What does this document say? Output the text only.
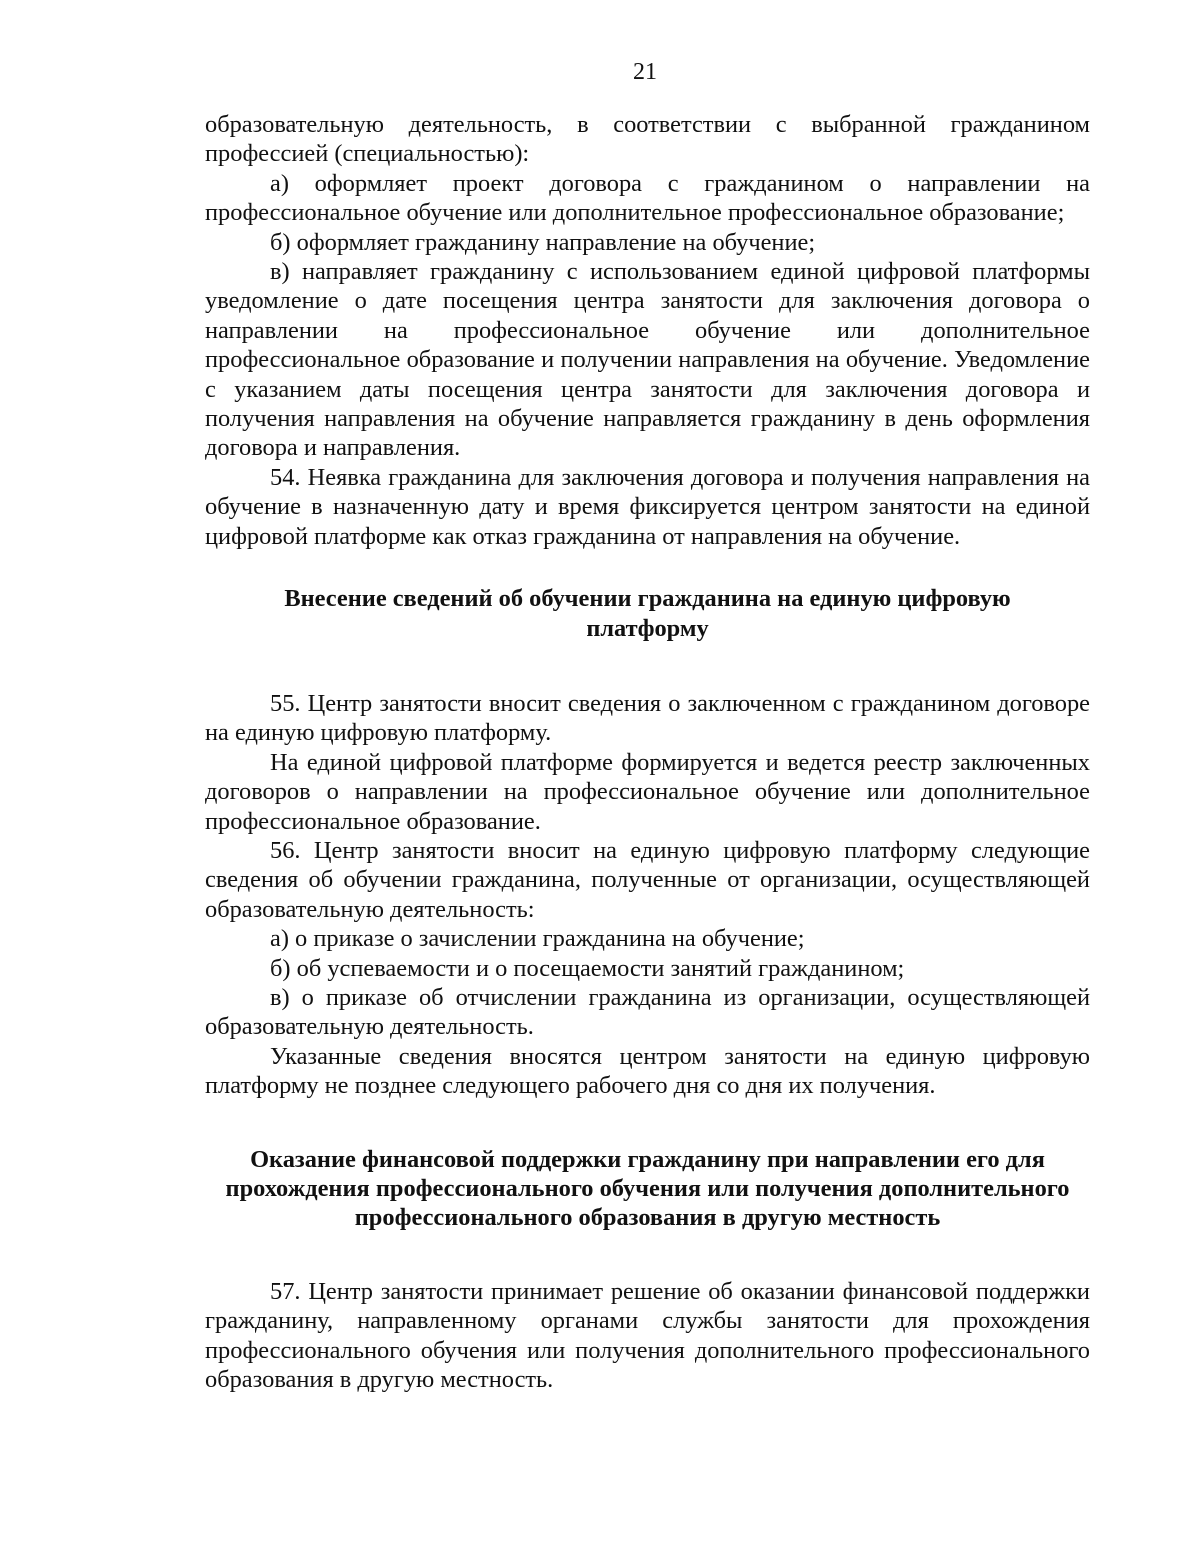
21

образовательную деятельность, в соответствии с выбранной гражданином профессией (специальностью):

а) оформляет проект договора с гражданином о направлении на профессиональное обучение или дополнительное профессиональное образование;

б) оформляет гражданину направление на обучение;

в) направляет гражданину с использованием единой цифровой платформы уведомление о дате посещения центра занятости для заключения договора о направлении на профессиональное обучение или дополнительное профессиональное образование и получении направления на обучение. Уведомление с указанием даты посещения центра занятости для заключения договора и получения направления на обучение направляется гражданину в день оформления договора и направления.

54. Неявка гражданина для заключения договора и получения направления на обучение в назначенную дату и время фиксируется центром занятости на единой цифровой платформе как отказ гражданина от направления на обучение.

Внесение сведений об обучении гражданина на единую цифровую платформу

55. Центр занятости вносит сведения о заключенном с гражданином договоре на единую цифровую платформу.

На единой цифровой платформе формируется и ведется реестр заключенных договоров о направлении на профессиональное обучение или дополнительное профессиональное образование.

56. Центр занятости вносит на единую цифровую платформу следующие сведения об обучении гражданина, полученные от организации, осуществляющей образовательную деятельность:

а) о приказе о зачислении гражданина на обучение;

б) об успеваемости и о посещаемости занятий гражданином;

в) о приказе об отчислении гражданина из организации, осуществляющей образовательную деятельность.

Указанные сведения вносятся центром занятости на единую цифровую платформу не позднее следующего рабочего дня со дня их получения.

Оказание финансовой поддержки гражданину при направлении его для прохождения профессионального обучения или получения дополнительного профессионального образования в другую местность

57. Центр занятости принимает решение об оказании финансовой поддержки гражданину, направленному органами службы занятости для прохождения профессионального обучения или получения дополнительного профессионального образования в другую местность.
